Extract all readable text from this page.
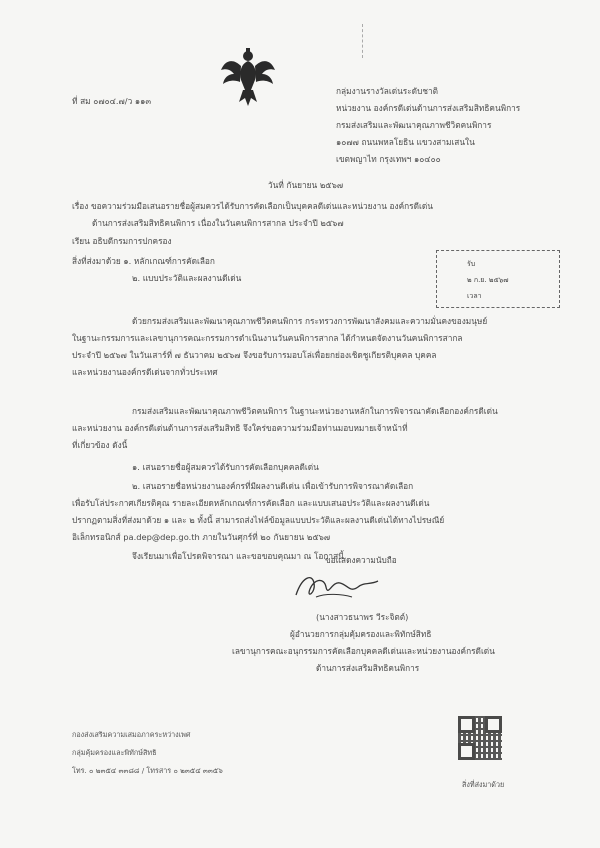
ที่ สม ๐๗๐๔.๗/ว ๑๑๓
กลุ่มงานรางวัลเด่นระดับชาติ
หน่วยงาน องค์กรดีเด่นด้านการส่งเสริมสิทธิคนพิการ
กรมส่งเสริมและพัฒนาคุณภาพชีวิตคนพิการ
๑๐๗๗ ถนนพหลโยธิน แขวงสามเสนใน
เขตพญาไท กรุงเทพฯ ๑๐๔๐๐
วันที่ กันยายน ๒๕๖๗
เรื่อง ขอความร่วมมือเสนอรายชื่อผู้สมควรได้รับการคัดเลือกเป็นบุคคลดีเด่นและหน่วยงาน องค์กรดีเด่น
ด้านการส่งเสริมสิทธิคนพิการ เนื่องในวันคนพิการสากล ประจำปี ๒๕๖๗
เรียน อธิบดีกรมการปกครอง
สิ่งที่ส่งมาด้วย ๑. หลักเกณฑ์การคัดเลือก
๒. แบบประวัติและผลงานดีเด่น
รับ
๒ ก.ย. ๒๕๖๗
เวลา
ด้วยกรมส่งเสริมและพัฒนาคุณภาพชีวิตคนพิการ กระทรวงการพัฒนาสังคมและความมั่นคงของมนุษย์
ในฐานะกรรมการและเลขานุการคณะกรรมการดำเนินงานวันคนพิการสากล ได้กำหนดจัดงานวันคนพิการสากล
ประจำปี ๒๕๖๗ ในวันเสาร์ที่ ๗ ธันวาคม ๒๕๖๗ จึงขอรับการมอบโล่เพื่อยกย่องเชิดชูเกียรติบุคคล บุคคล
และหน่วยงานองค์กรดีเด่นจากทั่วประเทศ
กรมส่งเสริมและพัฒนาคุณภาพชีวิตคนพิการ ในฐานะหน่วยงานหลักในการพิจารณาคัดเลือกองค์กรดีเด่น
และหน่วยงาน องค์กรดีเด่นด้านการส่งเสริมสิทธิ จึงใคร่ขอความร่วมมือท่านมอบหมายเจ้าหน้าที่
ที่เกี่ยวข้อง ดังนี้
๑. เสนอรายชื่อผู้สมควรได้รับการคัดเลือกบุคคลดีเด่น
๒. เสนอรายชื่อหน่วยงานองค์กรที่มีผลงานดีเด่น เพื่อเข้ารับการพิจารณาคัดเลือก
เพื่อรับโล่ประกาศเกียรติคุณ รายละเอียดหลักเกณฑ์การคัดเลือก และแบบเสนอประวัติและผลงานดีเด่น
ปรากฏตามสิ่งที่ส่งมาด้วย ๑ และ ๒ ทั้งนี้ สามารถส่งไฟล์ข้อมูลแบบประวัติและผลงานดีเด่นได้ทางไปรษณีย์
อิเล็กทรอนิกส์ pa.dep@dep.go.th ภายในวันศุกร์ที่ ๒๐ กันยายน ๒๕๖๗
จึงเรียนมาเพื่อโปรดพิจารณา และขอขอบคุณมา ณ โอกาสนี้
ขอแสดงความนับถือ
(นางสาวธนาพร วีระจิตต์)
ผู้อำนวยการกลุ่มคุ้มครองและพิทักษ์สิทธิ
เลขานุการคณะอนุกรรมการคัดเลือกบุคคลดีเด่นและหน่วยงานองค์กรดีเด่น
ด้านการส่งเสริมสิทธิคนพิการ
กองส่งเสริมความเสมอภาคระหว่างเพศ
กลุ่มคุ้มครองและพิทักษ์สิทธิ
โทร. ๐ ๒๓๕๔ ๓๓๘๘ / โทรสาร ๐ ๒๓๕๔ ๓๓๕๖
สิ่งที่ส่งมาด้วย
